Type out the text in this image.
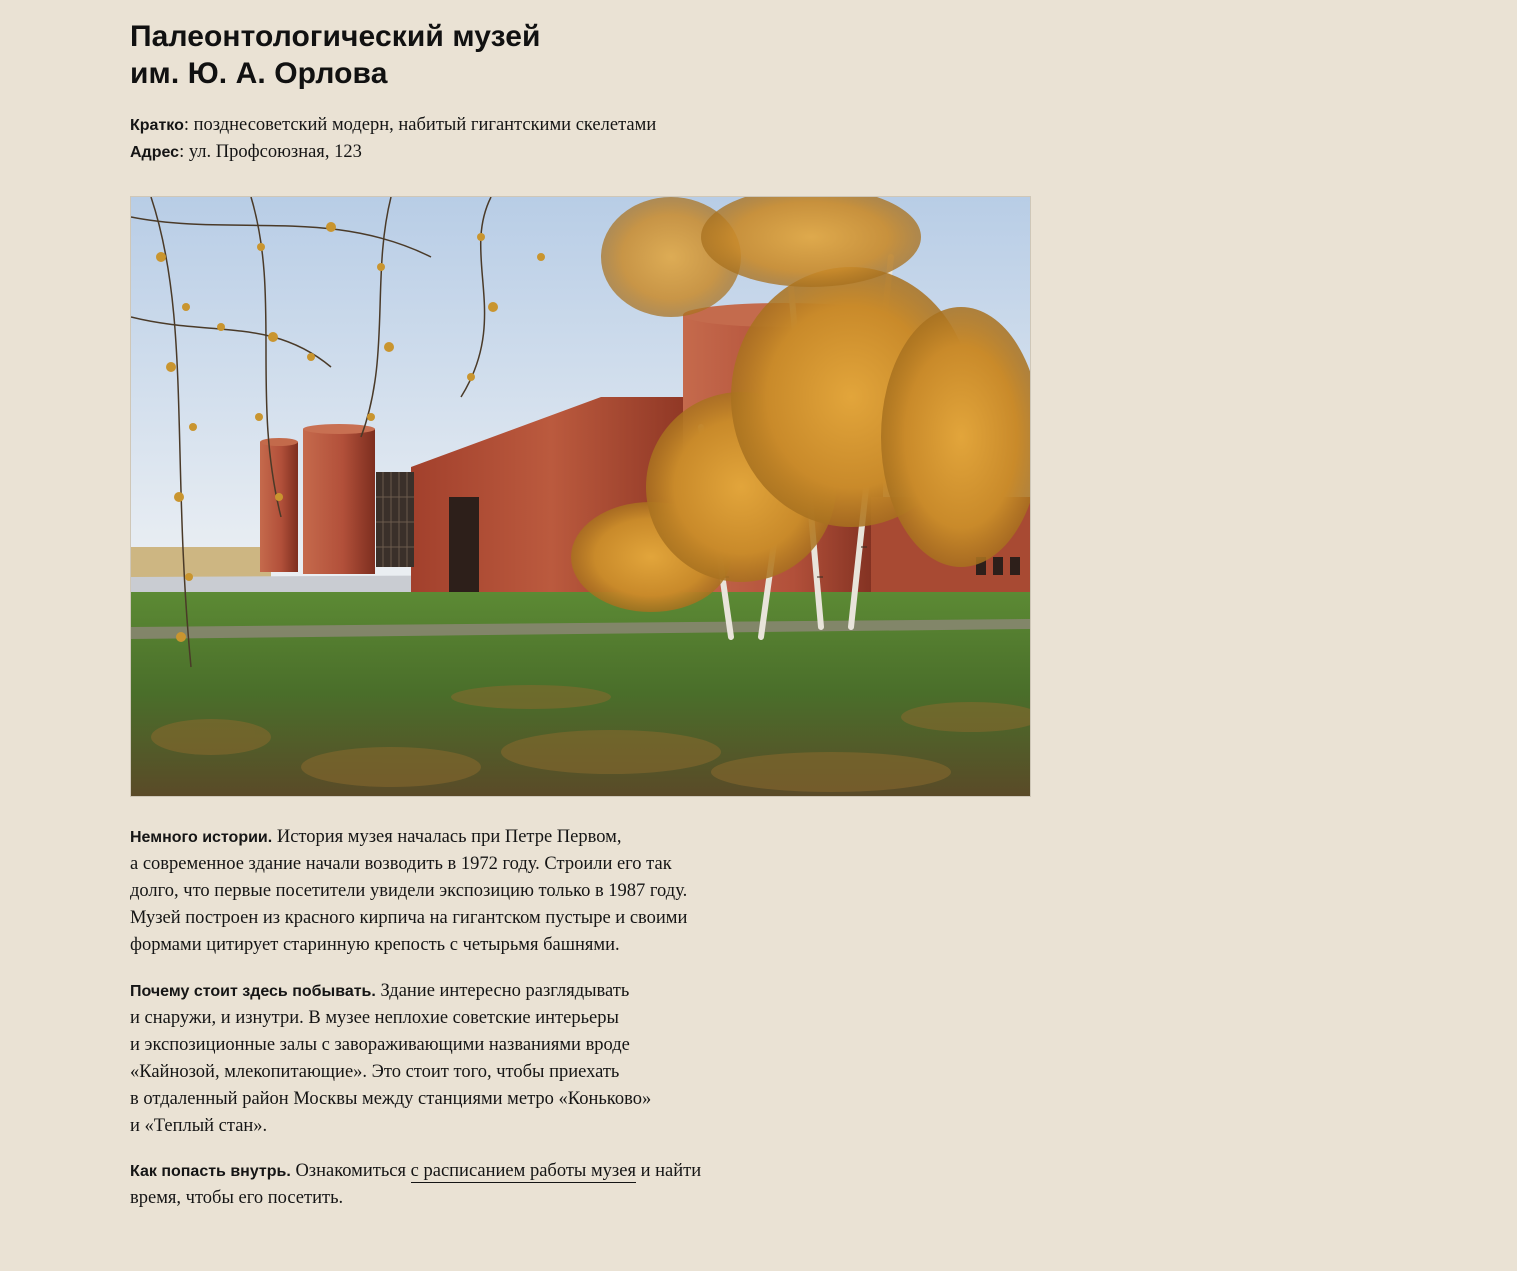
Палеонтологический музей
им. Ю. А. Орлова
Кратко: позднесоветский модерн, набитый гигантскими скелетами
Адрес: ул. Профсоюзная, 123

Немного истории. История музея началась при Петре Первом,
а современное здание начали возводить в 1972 году. Строили его так
долго, что первые посетители увидели экспозицию только в 1987 году.
Музей построен из красного кирпича на гигантском пустыре и своими
формами цитирует старинную крепость с четырьмя башнями.

Почему стоит здесь побывать. Здание интересно разглядывать
и снаружи, и изнутри. В музее неплохие советские интерьеры
и экспозиционные залы с завораживающими названиями вроде
«Кайнозой, млекопитающие». Это стоит того, чтобы приехать
в отдаленный район Москвы между станциями метро «Коньково»
и «Теплый стан».

Как попасть внутрь. Ознакомиться с расписанием работы музея и найти
время, чтобы его посетить.
